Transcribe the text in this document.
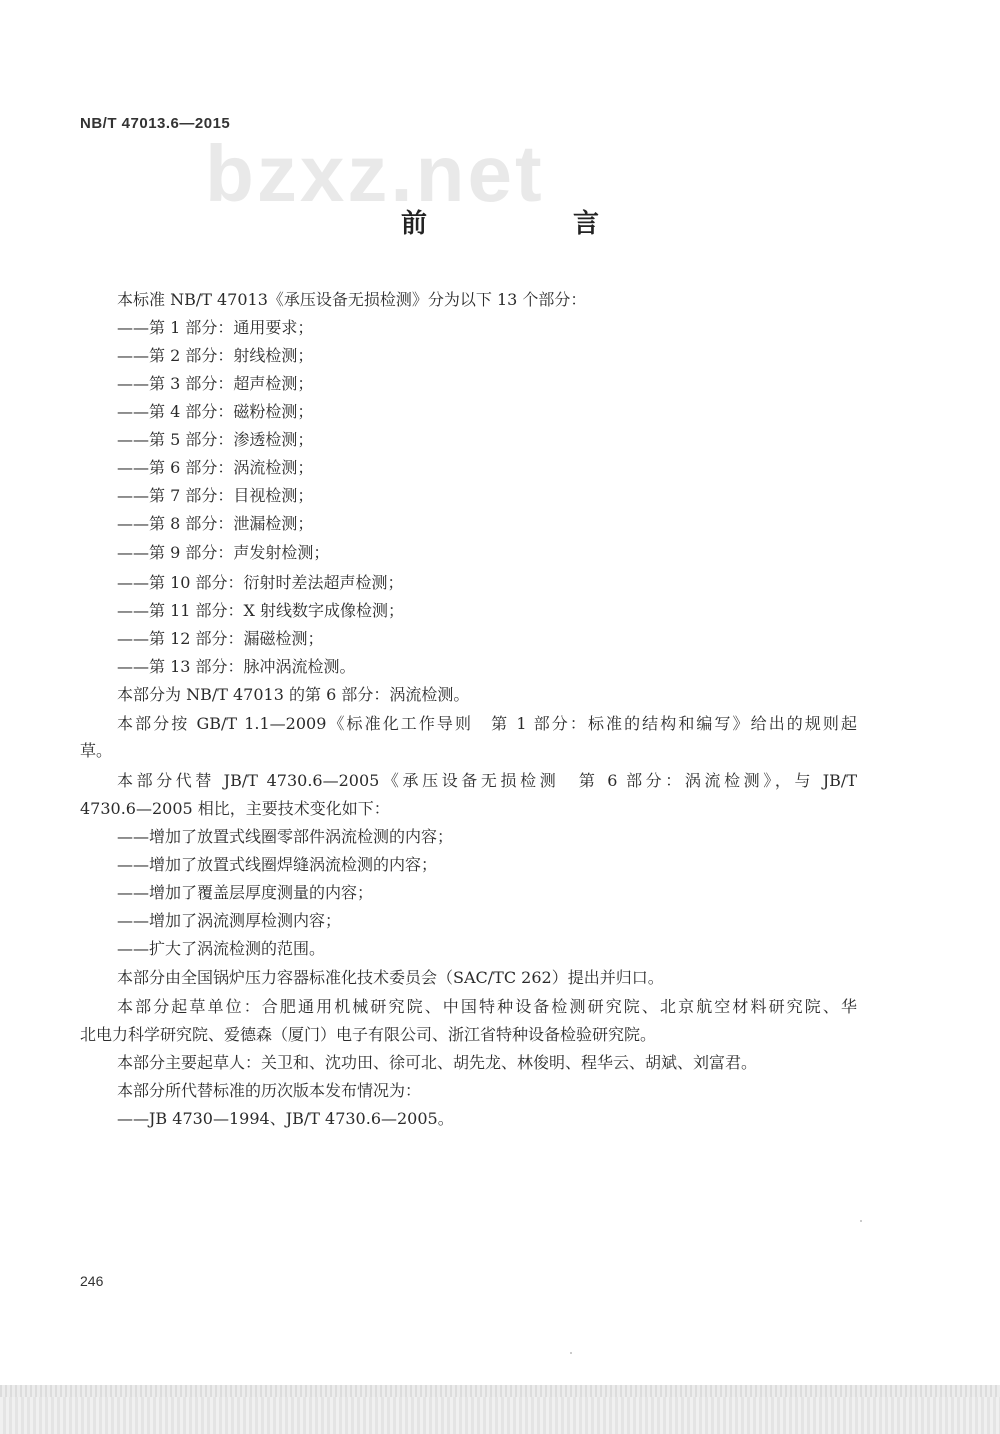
NB/T 47013.6—2015
bzxz.net
前　言
本标准 NB/T 47013《承压设备无损检测》分为以下 13 个部分：
——第 1 部分：通用要求；
——第 2 部分：射线检测；
——第 3 部分：超声检测；
——第 4 部分：磁粉检测；
——第 5 部分：渗透检测；
——第 6 部分：涡流检测；
——第 7 部分：目视检测；
——第 8 部分：泄漏检测；
——第 9 部分：声发射检测；
——第 10 部分：衍射时差法超声检测；
——第 11 部分：X 射线数字成像检测；
——第 12 部分：漏磁检测；
——第 13 部分：脉冲涡流检测。
本部分为 NB/T 47013 的第 6 部分：涡流检测。
本部分按 GB/T 1.1—2009《标准化工作导则　第 1 部分：标准的结构和编写》给出的规则起
草。
本部分代替 JB/T 4730.6—2005《承压设备无损检测　第 6 部分：涡流检测》，与 JB/T
4730.6—2005 相比，主要技术变化如下：
——增加了放置式线圈零部件涡流检测的内容；
——增加了放置式线圈焊缝涡流检测的内容；
——增加了覆盖层厚度测量的内容；
——增加了涡流测厚检测内容；
——扩大了涡流检测的范围。
本部分由全国锅炉压力容器标准化技术委员会（SAC/TC 262）提出并归口。
本部分起草单位：合肥通用机械研究院、中国特种设备检测研究院、北京航空材料研究院、华
北电力科学研究院、爱德森（厦门）电子有限公司、浙江省特种设备检验研究院。
本部分主要起草人：关卫和、沈功田、徐可北、胡先龙、林俊明、程华云、胡斌、刘富君。
本部分所代替标准的历次版本发布情况为：
——JB 4730—1994、JB/T 4730.6—2005。
246
